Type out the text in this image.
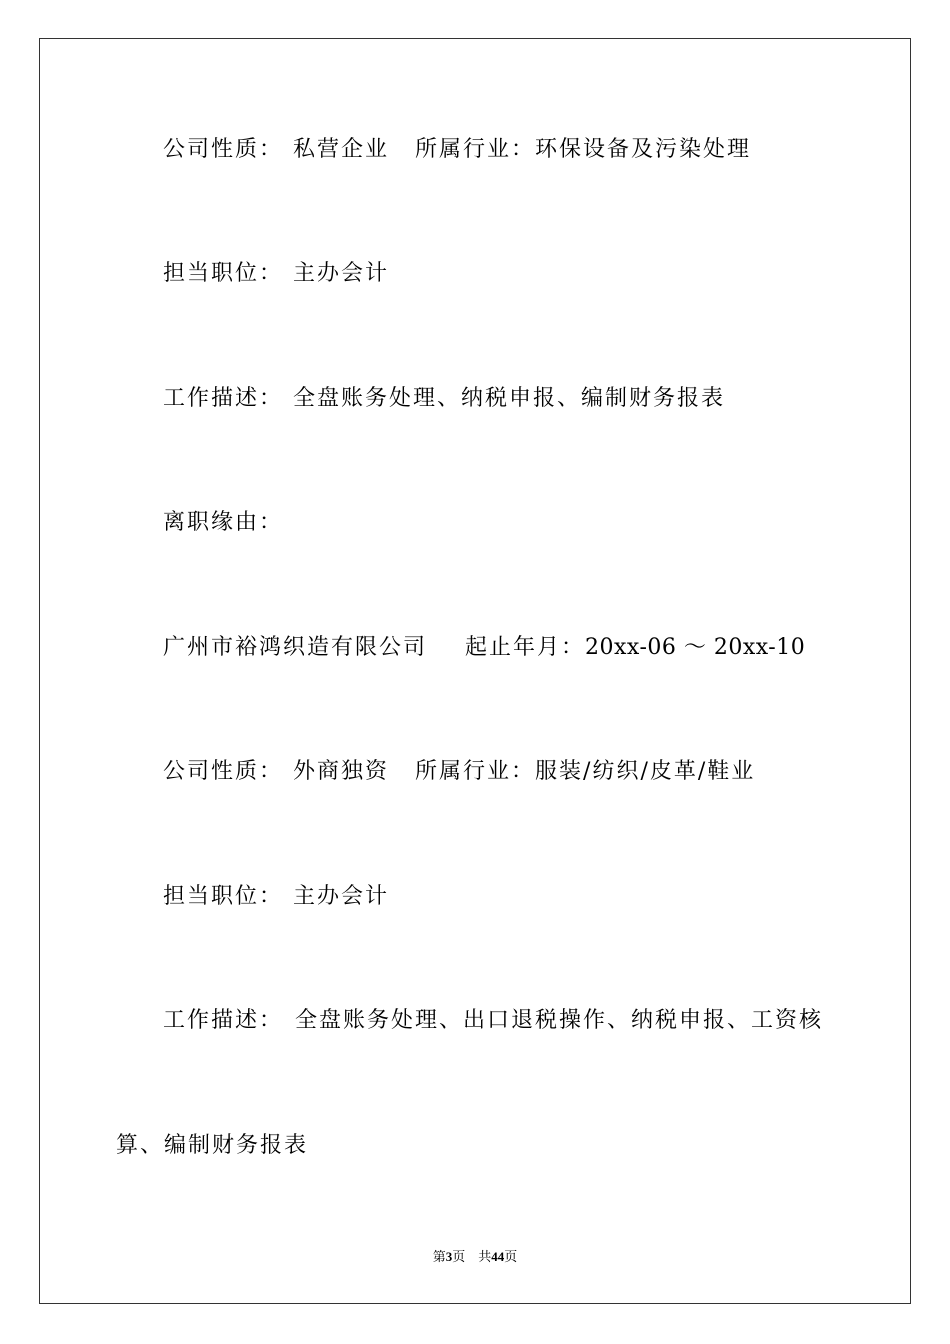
公司性质： 私营企业 所属行业：环保设备及污染处理
担当职位： 主办会计
工作描述： 全盘账务处理、纳税申报、编制财务报表
离职缘由：
广州市裕鸿织造有限公司 起止年月：20xx-06 ～ 20xx-10
公司性质： 外商独资 所属行业：服装/纺织/皮革/鞋业
担当职位： 主办会计
工作描述： 全盘账务处理、出口退税操作、纳税申报、工资核
算、编制财务报表
第3页　共44页
